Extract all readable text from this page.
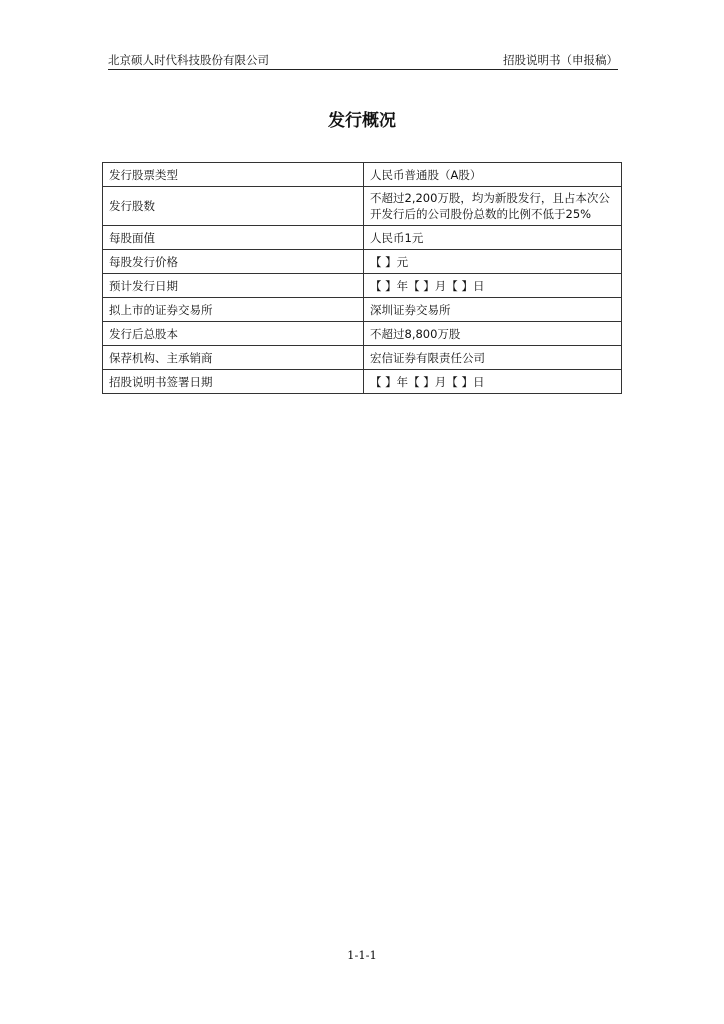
北京硕人时代科技股份有限公司	招股说明书（申报稿）
发行概况
发行股票类型	人民币普通股（A股）
发行股数	不超过2,200万股，均为新股发行，且占本次公开发行后的公司股份总数的比例不低于25%
每股面值	人民币1元
每股发行价格	【 】元
预计发行日期	【 】年【 】月【 】日
拟上市的证券交易所	深圳证券交易所
发行后总股本	不超过8,800万股
保荐机构、主承销商	宏信证券有限责任公司
招股说明书签署日期	【 】年【 】月【 】日
1-1-1
